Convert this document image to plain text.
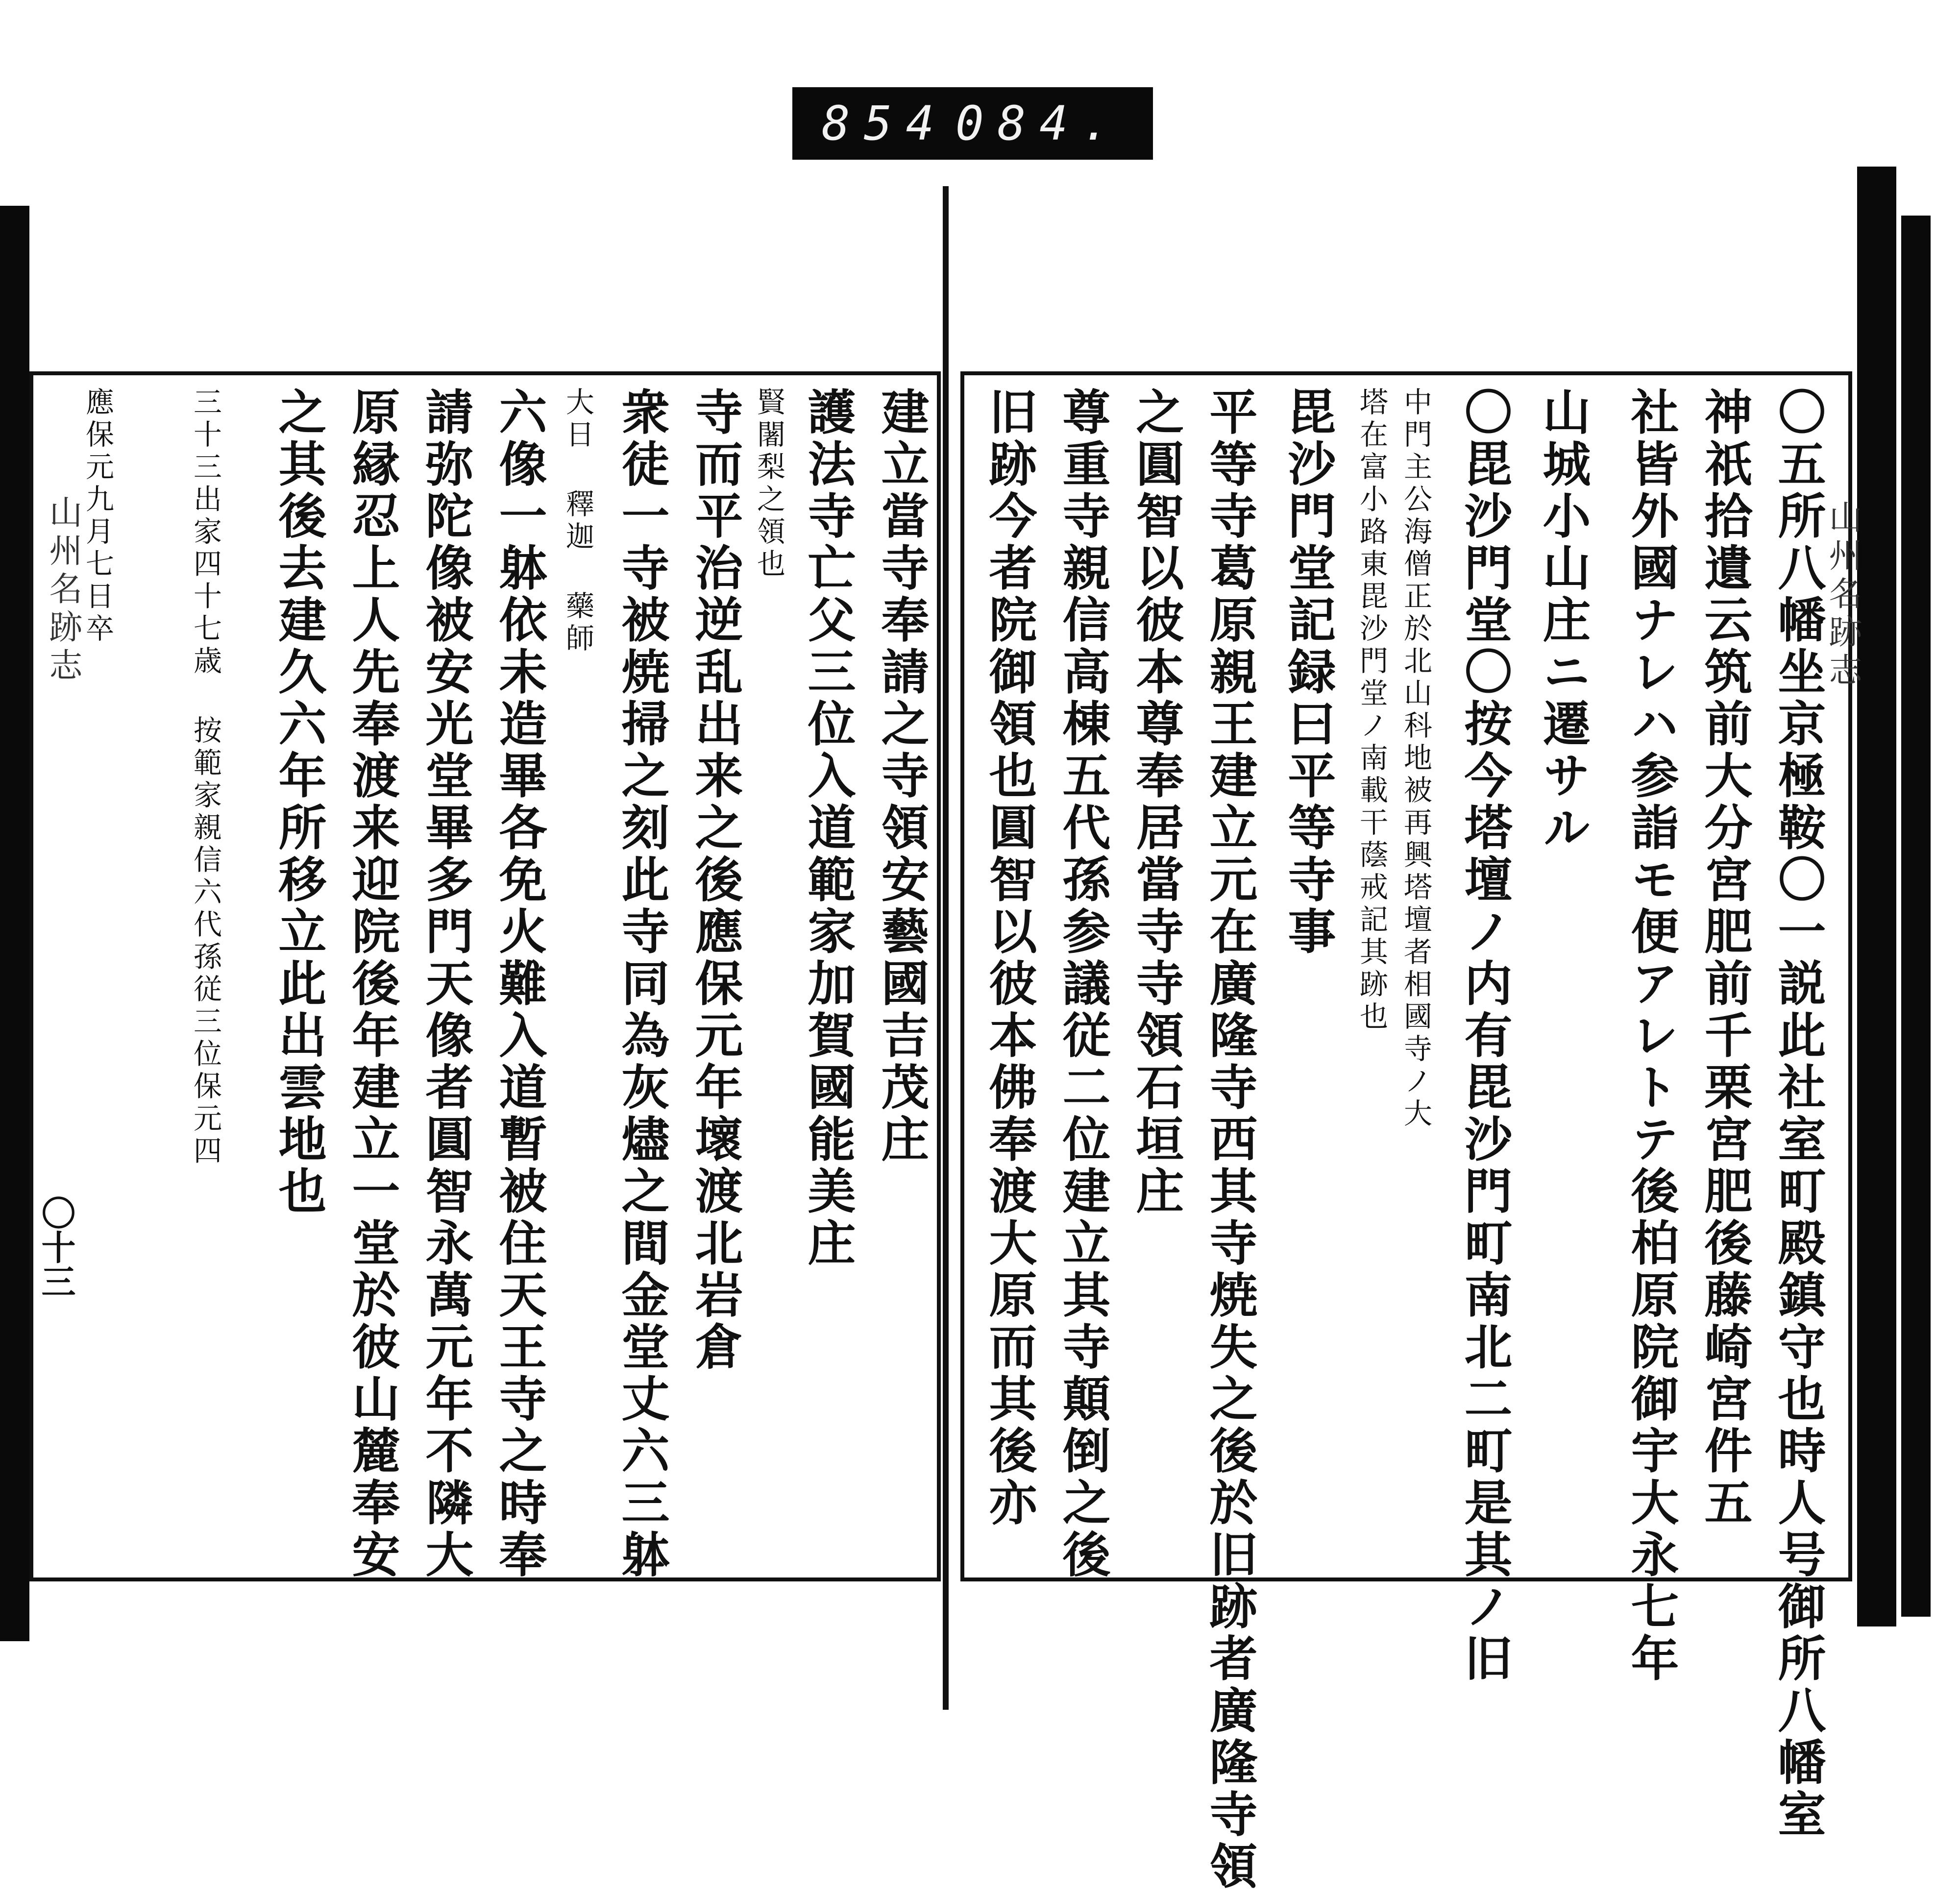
854 084.
山州名跡志
〇十三
山州名跡志
建立當寺奉請之寺領安藝國吉茂庄
護法寺亡父三位入道範家加賀國能美庄
賢闍梨之領也
寺而平治逆乱出来之後應保元年壞渡北岩倉
衆徒一寺被焼掃之刻此寺同為灰燼之間金堂丈六三躰
大日 釋迦 藥師
六像一躰依未造畢各免火難入道暫被住天王寺之時奉
請弥陀像被安光堂畢多門天像者圓智永萬元年不隣大
原縁忍上人先奉渡来迎院後年建立一堂於彼山麓奉安
之其後去建久六年所移立此出雲地也
三十三出家四十七歳 按範家親信六代孫従三位保元四
應保元九月七日卒	〇五所八幡坐京極鞍〇一説此社室町殿鎮守也時人号御所八幡室
神祇拾遺云筑前大分宮肥前千栗宮肥後藤崎宮件五
社皆外國ナレハ参詣モ便アレトテ後柏原院御宇大永七年
山城小山庄ニ遷サル
〇毘沙門堂〇按今塔壇ノ内有毘沙門町南北二町是其ノ旧
中門主公海僧正於北山科地被再興塔壇者相國寺ノ大
塔在富小路東毘沙門堂ノ南載干蔭戒記其跡也
毘沙門堂記録曰平等寺事
平等寺葛原親王建立元在廣隆寺西其寺焼失之後於旧跡者廣隆寺領
之圓智以彼本尊奉居當寺寺領石垣庄
尊重寺親信高棟五代孫参議従二位建立其寺顛倒之後
旧跡今者院御領也圓智以彼本佛奉渡大原而其後亦
